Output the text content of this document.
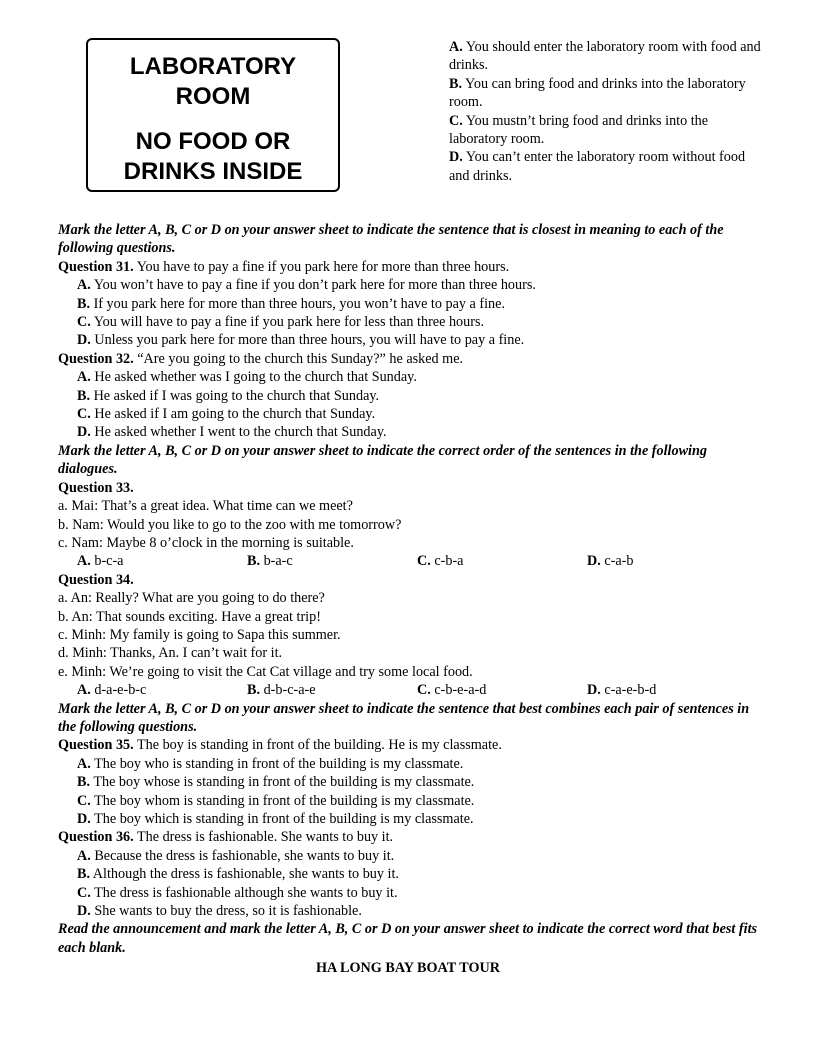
LABORATORY
ROOM
NO FOOD OR
DRINKS INSIDE
A. You should enter the laboratory room with food and drinks.
B. You can bring food and drinks into the laboratory room.
C. You mustn’t bring food and drinks into the laboratory room.
D. You can’t enter the laboratory room without food and drinks.
Mark the letter A, B, C or D on your answer sheet to indicate the sentence that is closest in meaning to each of the following questions.
Question 31. You have to pay a fine if you park here for more than three hours.
A. You won’t have to pay a fine if you don’t park here for more than three hours.
B. If you park here for more than three hours, you won’t have to pay a fine.
C. You will have to pay a fine if you park here for less than three hours.
D. Unless you park here for more than three hours, you will have to pay a fine.
Question 32. “Are you going to the church this Sunday?” he asked me.
A. He asked whether was I going to the church that Sunday.
B. He asked if I was going to the church that Sunday.
C. He asked if I am going to the church that Sunday.
D. He asked whether I went to the church that Sunday.
Mark the letter A, B, C or D on your answer sheet to indicate the correct order of the sentences in the following dialogues.
Question 33.
a. Mai: That’s a great idea. What time can we meet?
b. Nam: Would you like to go to the zoo with me tomorrow?
c. Nam: Maybe 8 o’clock in the morning is suitable.
A. b-c-a	B. b-a-c	C. c-b-a	D. c-a-b
Question 34.
a. An: Really? What are you going to do there?
b. An: That sounds exciting. Have a great trip!
c. Minh: My family is going to Sapa this summer.
d. Minh: Thanks, An. I can’t wait for it.
e. Minh: We’re going to visit the Cat Cat village and try some local food.
A. d-a-e-b-c	B. d-b-c-a-e	C. c-b-e-a-d	D. c-a-e-b-d
Mark the letter A, B, C or D on your answer sheet to indicate the sentence that best combines each pair of sentences in the following questions.
Question 35. The boy is standing in front of the building. He is my classmate.
A. The boy who is standing in front of the building is my classmate.
B. The boy whose is standing in front of the building is my classmate.
C. The boy whom is standing in front of the building is my classmate.
D. The boy which is standing in front of the building is my classmate.
Question 36. The dress is fashionable. She wants to buy it.
A. Because the dress is fashionable, she wants to buy it.
B. Although the dress is fashionable, she wants to buy it.
C. The dress is fashionable although she wants to buy it.
D. She wants to buy the dress, so it is fashionable.
Read the announcement and mark the letter A, B, C or D on your answer sheet to indicate the correct word that best fits each blank.
HA LONG BAY BOAT TOUR
